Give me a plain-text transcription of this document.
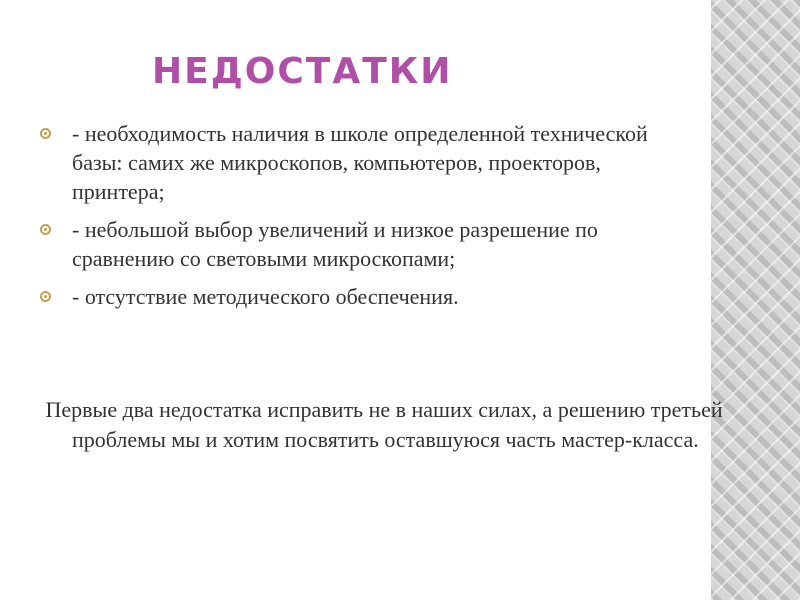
НЕДОСТАТКИ
- необходимость наличия в школе определенной технической базы: самих же микроскопов, компьютеров, проекторов, принтера;
- небольшой выбор увеличений и низкое разрешение по сравнению со световыми микроскопами;
- отсутствие методического обеспечения.

Первые два недостатка исправить не в наших силах, а решению третьей проблемы мы и хотим посвятить оставшуюся часть мастер-класса.
